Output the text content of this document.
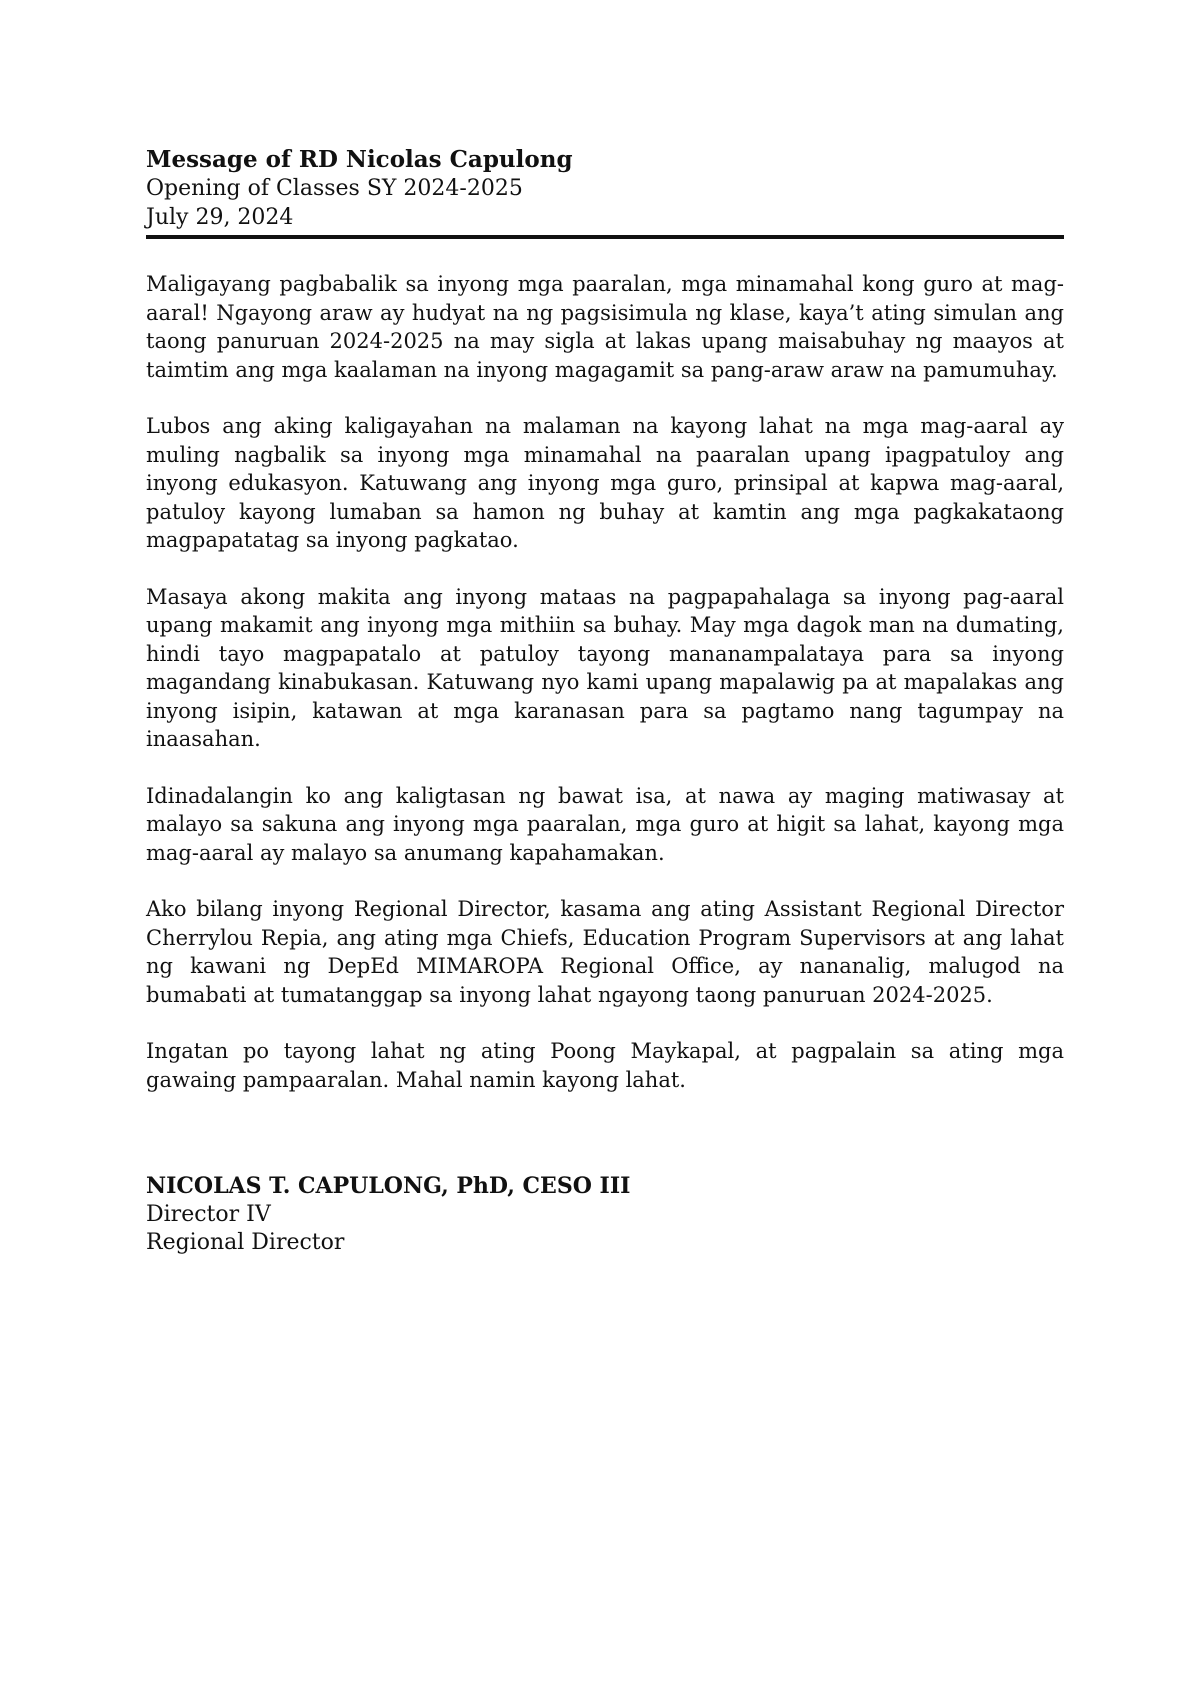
Message of RD Nicolas Capulong

Opening of Classes SY 2024-2025

July 29, 2024

Maligayang pagbabalik sa inyong mga paaralan, mga minamahal kong guro at mag-aaral! Ngayong araw ay hudyat na ng pagsisimula ng klase, kaya’t ating simulan ang taong panuruan 2024-2025 na may sigla at lakas upang maisabuhay ng maayos at taimtim ang mga kaalaman na inyong magagamit sa pang-araw araw na pamumuhay.

Lubos ang aking kaligayahan na malaman na kayong lahat na mga mag-aaral ay muling nagbalik sa inyong mga minamahal na paaralan upang ipagpatuloy ang inyong edukasyon. Katuwang ang inyong mga guro, prinsipal at kapwa mag-aaral, patuloy kayong lumaban sa hamon ng buhay at kamtin ang mga pagkakataong magpapatatag sa inyong pagkatao.

Masaya akong makita ang inyong mataas na pagpapahalaga sa inyong pag-aaral upang makamit ang inyong mga mithiin sa buhay. May mga dagok man na dumating, hindi tayo magpapatalo at patuloy tayong mananampalataya para sa inyong magandang kinabukasan. Katuwang nyo kami upang mapalawig pa at mapalakas ang inyong isipin, katawan at mga karanasan para sa pagtamo nang tagumpay na inaasahan.

Idinadalangin ko ang kaligtasan ng bawat isa, at nawa ay maging matiwasay at malayo sa sakuna ang inyong mga paaralan, mga guro at higit sa lahat, kayong mga mag-aaral ay malayo sa anumang kapahamakan.

Ako bilang inyong Regional Director, kasama ang ating Assistant Regional Director Cherrylou Repia, ang ating mga Chiefs, Education Program Supervisors at ang lahat ng kawani ng DepEd MIMAROPA Regional Office, ay nananalig, malugod na bumabati at tumatanggap sa inyong lahat ngayong taong panuruan 2024-2025.

Ingatan po tayong lahat ng ating Poong Maykapal, at pagpalain sa ating mga gawaing pampaaralan. Mahal namin kayong lahat.

NICOLAS T. CAPULONG, PhD, CESO III

Director IV

Regional Director
